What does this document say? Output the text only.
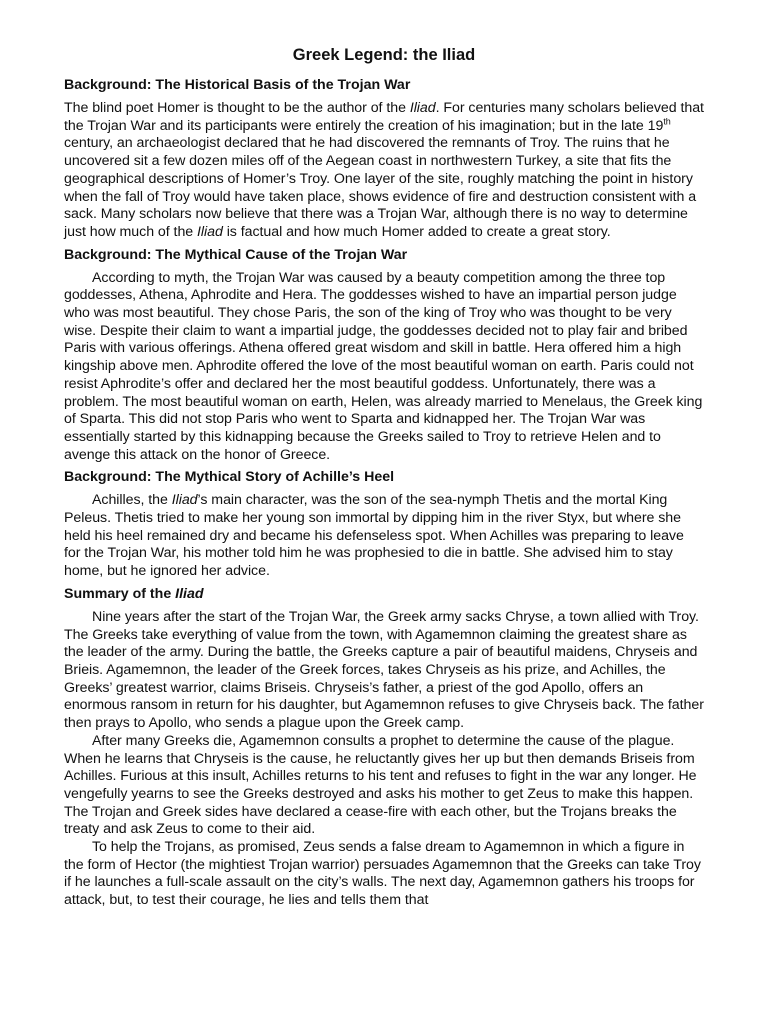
Greek Legend: the Iliad
Background: The Historical Basis of the Trojan War

The blind poet Homer is thought to be the author of the Iliad. For centuries many scholars believed that the Trojan War and its participants were entirely the creation of his imagination; but in the late 19th century, an archaeologist declared that he had discovered the remnants of Troy. The ruins that he uncovered sit a few dozen miles off of the Aegean coast in northwestern Turkey, a site that fits the geographical descriptions of Homer’s Troy. One layer of the site, roughly matching the point in history when the fall of Troy would have taken place, shows evidence of fire and destruction consistent with a sack. Many scholars now believe that there was a Trojan War, although there is no way to determine just how much of the Iliad is factual and how much Homer added to create a great story.

Background: The Mythical Cause of the Trojan War

According to myth, the Trojan War was caused by a beauty competition among the three top goddesses, Athena, Aphrodite and Hera. The goddesses wished to have an impartial person judge who was most beautiful. They chose Paris, the son of the king of Troy who was thought to be very wise. Despite their claim to want a impartial judge, the goddesses decided not to play fair and bribed Paris with various offerings. Athena offered great wisdom and skill in battle. Hera offered him a high kingship above men. Aphrodite offered the love of the most beautiful woman on earth. Paris could not resist Aphrodite’s offer and declared her the most beautiful goddess. Unfortunately, there was a problem. The most beautiful woman on earth, Helen, was already married to Menelaus, the Greek king of Sparta. This did not stop Paris who went to Sparta and kidnapped her. The Trojan War was essentially started by this kidnapping because the Greeks sailed to Troy to retrieve Helen and to avenge this attack on the honor of Greece.

Background: The Mythical Story of Achille’s Heel

Achilles, the Iliad’s main character, was the son of the sea-nymph Thetis and the mortal King Peleus. Thetis tried to make her young son immortal by dipping him in the river Styx, but where she held his heel remained dry and became his defenseless spot. When Achilles was preparing to leave for the Trojan War, his mother told him he was prophesied to die in battle. She advised him to stay home, but he ignored her advice.

Summary of the Iliad

Nine years after the start of the Trojan War, the Greek army sacks Chryse, a town allied with Troy. The Greeks take everything of value from the town, with Agamemnon claiming the greatest share as the leader of the army. During the battle, the Greeks capture a pair of beautiful maidens, Chryseis and Brieis. Agamemnon, the leader of the Greek forces, takes Chryseis as his prize, and Achilles, the Greeks’ greatest warrior, claims Briseis. Chryseis’s father, a priest of the god Apollo, offers an enormous ransom in return for his daughter, but Agamemnon refuses to give Chryseis back. The father then prays to Apollo, who sends a plague upon the Greek camp.

After many Greeks die, Agamemnon consults a prophet to determine the cause of the plague. When he learns that Chryseis is the cause, he reluctantly gives her up but then demands Briseis from Achilles. Furious at this insult, Achilles returns to his tent and refuses to fight in the war any longer. He vengefully yearns to see the Greeks destroyed and asks his mother to get Zeus to make this happen. The Trojan and Greek sides have declared a cease-fire with each other, but the Trojans breaks the treaty and ask Zeus to come to their aid.

To help the Trojans, as promised, Zeus sends a false dream to Agamemnon in which a figure in the form of Hector (the mightiest Trojan warrior) persuades Agamemnon that the Greeks can take Troy if he launches a full-scale assault on the city’s walls. The next day, Agamemnon gathers his troops for attack, but, to test their courage, he lies and tells them that
